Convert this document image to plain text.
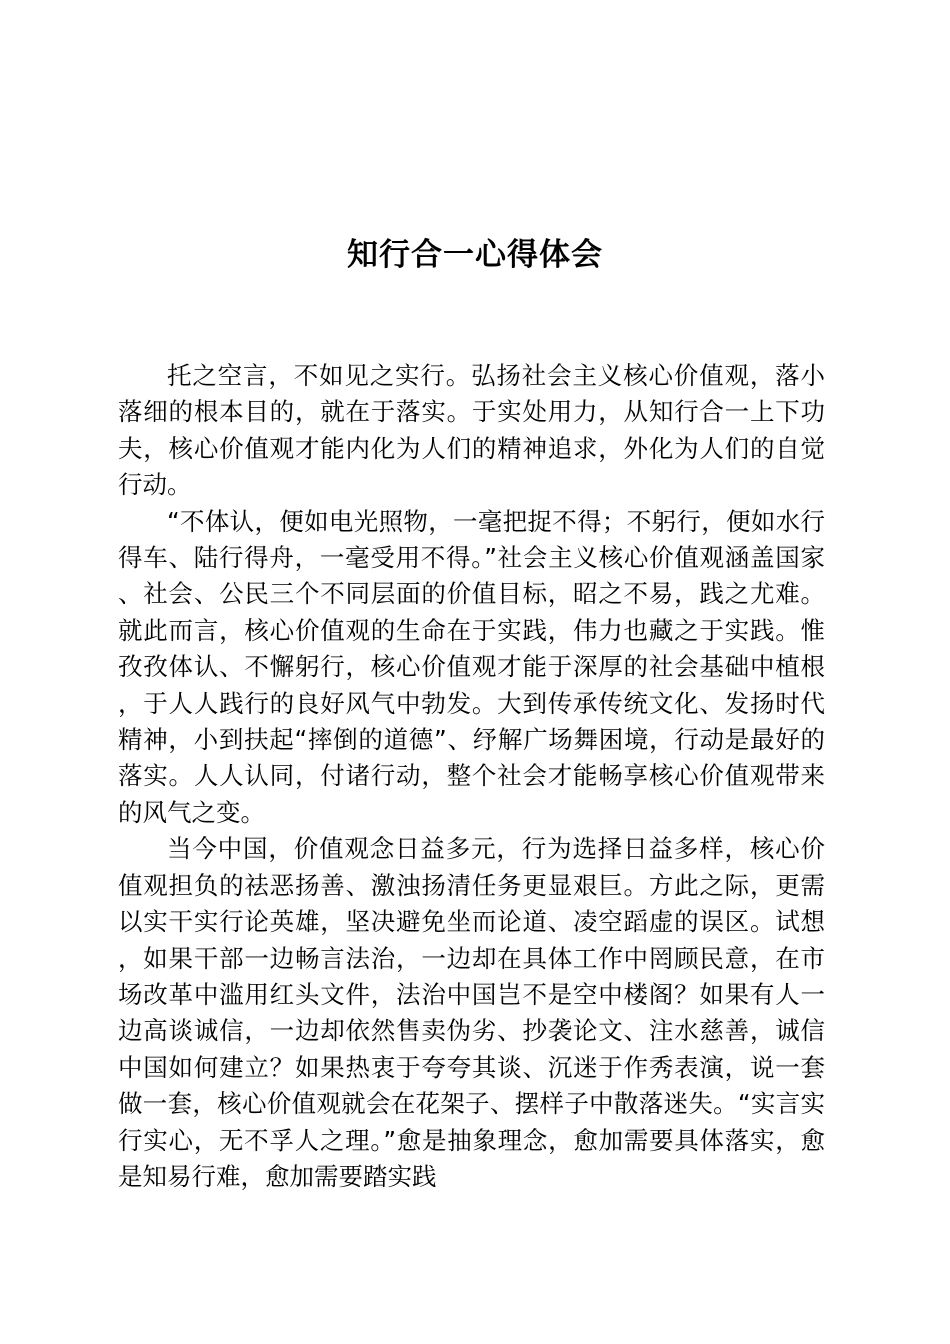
知行合一心得体会

托之空言，不如见之实行。弘扬社会主义核心价值观，落小落细的根本目的，就在于落实。于实处用力，从知行合一上下功夫，核心价值观才能内化为人们的精神追求，外化为人们的自觉行动。

“不体认，便如电光照物，一毫把捉不得；不躬行，便如水行得车、陆行得舟，一毫受用不得。”社会主义核心价值观涵盖国家、社会、公民三个不同层面的价值目标，昭之不易，践之尤难。就此而言，核心价值观的生命在于实践，伟力也藏之于实践。惟孜孜体认、不懈躬行，核心价值观才能于深厚的社会基础中植根，于人人践行的良好风气中勃发。大到传承传统文化、发扬时代精神，小到扶起“摔倒的道德”、纾解广场舞困境，行动是最好的落实。人人认同，付诸行动，整个社会才能畅享核心价值观带来的风气之变。

当今中国，价值观念日益多元，行为选择日益多样，核心价值观担负的祛恶扬善、激浊扬清任务更显艰巨。方此之际，更需以实干实行论英雄，坚决避免坐而论道、凌空蹈虚的误区。试想，如果干部一边畅言法治，一边却在具体工作中罔顾民意，在市场改革中滥用红头文件，法治中国岂不是空中楼阁？如果有人一边高谈诚信，一边却依然售卖伪劣、抄袭论文、注水慈善，诚信中国如何建立？如果热衷于夸夸其谈、沉迷于作秀表演，说一套做一套，核心价值观就会在花架子、摆样子中散落迷失。“实言实行实心，无不孚人之理。”愈是抽象理念，愈加需要具体落实，愈是知易行难，愈加需要踏实践
